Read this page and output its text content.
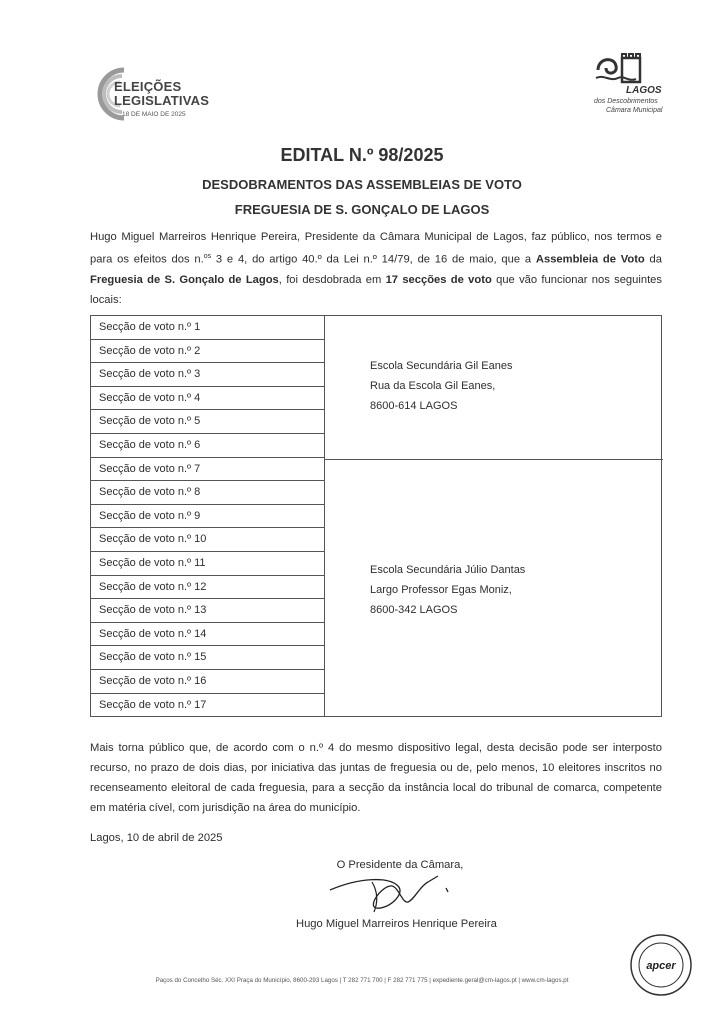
ELEIÇÕES
LEGISLATIVAS
18 DE MAIO DE 2025
LAGOS
dos Descobrimentos
Câmara Municipal
EDITAL N.º 98/2025
DESDOBRAMENTOS DAS ASSEMBLEIAS DE VOTO
FREGUESIA DE S. GONÇALO DE LAGOS
Hugo Miguel Marreiros Henrique Pereira, Presidente da Câmara Municipal de Lagos, faz público, nos termos e para os efeitos dos n.$^{os}$ 3 e 4, do artigo 40.º da Lei n.º 14/79, de 16 de maio, que a Assembleia de Voto da Freguesia de S. Gonçalo de Lagos, foi desdobrada em 17 secções de voto que vão funcionar nos seguintes locais:
Secção de voto n.º 1
Secção de voto n.º 2
Secção de voto n.º 3
Secção de voto n.º 4
Secção de voto n.º 5
Secção de voto n.º 6
Secção de voto n.º 7
Secção de voto n.º 8
Secção de voto n.º 9
Secção de voto n.º 10
Secção de voto n.º 11
Secção de voto n.º 12
Secção de voto n.º 13
Secção de voto n.º 14
Secção de voto n.º 15
Secção de voto n.º 16
Secção de voto n.º 17
Escola Secundária Gil Eanes
Rua da Escola Gil Eanes,
8600-614 LAGOS
Escola Secundária Júlio Dantas
Largo Professor Egas Moniz,
8600-342 LAGOS
Mais torna público que, de acordo com o n.º 4 do mesmo dispositivo legal, desta decisão pode ser interposto recurso, no prazo de dois dias, por iniciativa das juntas de freguesia ou de, pelo menos, 10 eleitores inscritos no recenseamento eleitoral de cada freguesia, para a secção da instância local do tribunal de comarca, competente em matéria cível, com jurisdição na área do município.
Lagos, 10 de abril de 2025
O Presidente da Câmara,
Hugo Miguel Marreiros Henrique Pereira
apcer
Paços do Concelho Séc. XXI Praça do Município, 8600-293 Lagos | T 282 771 700 | F 282 771 775 | expediente.geral@cm-lagos.pt | www.cm-lagos.pt
